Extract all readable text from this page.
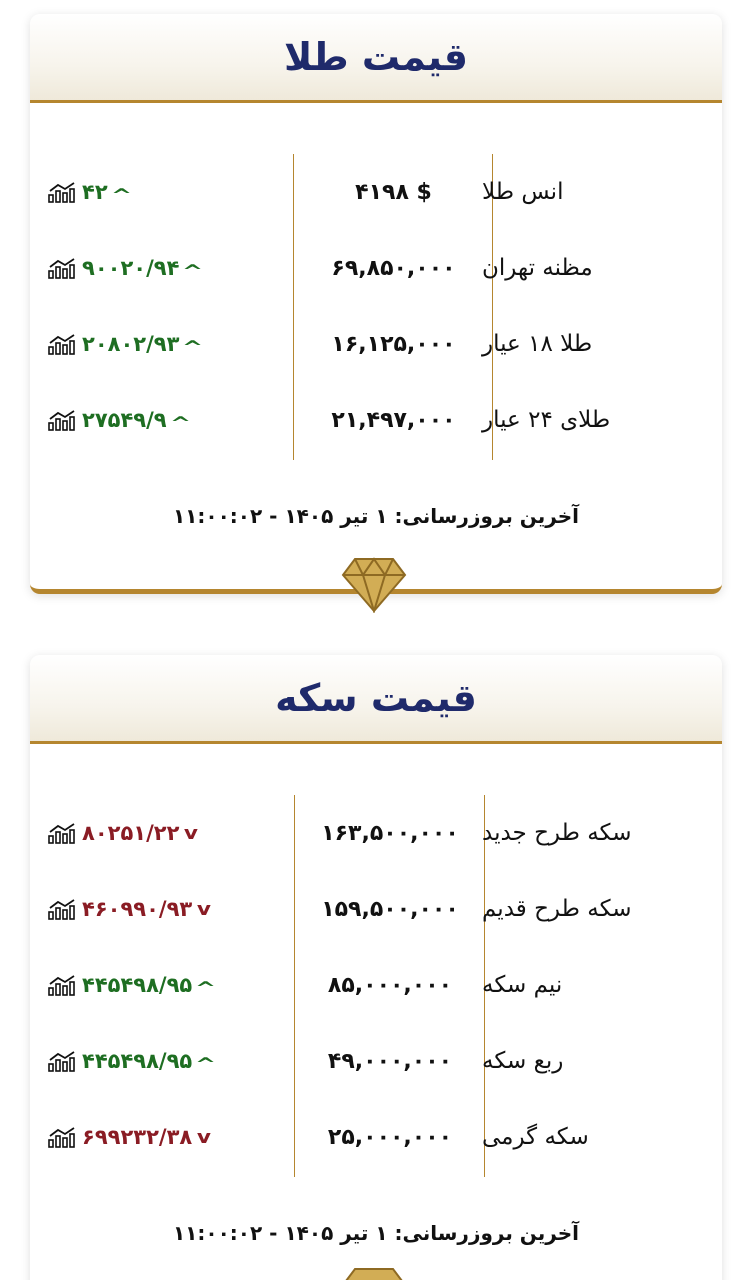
قیمت طلا
انس طلا
۴۱۹۸ $
۴۲ ^
مظنه تهران
۶۹,۸۵۰,۰۰۰
۹۰۰۲۰/۹۴ ^
طلا ۱۸ عیار
۱۶,۱۲۵,۰۰۰
۲۰۸۰۲/۹۳ ^
طلای ۲۴ عیار
۲۱,۴۹۷,۰۰۰
۲۷۵۴۹/۹ ^
آخرین بروزرسانی: ۱ تیر ۱۴۰۵ - ۱۱:۰۰:۰۲
قیمت سکه
سکه طرح جدید
۱۶۳,۵۰۰,۰۰۰
۸۰۲۵۱/۲۲ v
سکه طرح قدیم
۱۵۹,۵۰۰,۰۰۰
۴۶۰۹۹۰/۹۳ v
نیم سکه
۸۵,۰۰۰,۰۰۰
۴۴۵۴۹۸/۹۵ ^
ربع سکه
۴۹,۰۰۰,۰۰۰
۴۴۵۴۹۸/۹۵ ^
سکه گرمی
۲۵,۰۰۰,۰۰۰
۶۹۹۲۳۲/۳۸ v
آخرین بروزرسانی: ۱ تیر ۱۴۰۵ - ۱۱:۰۰:۰۲
